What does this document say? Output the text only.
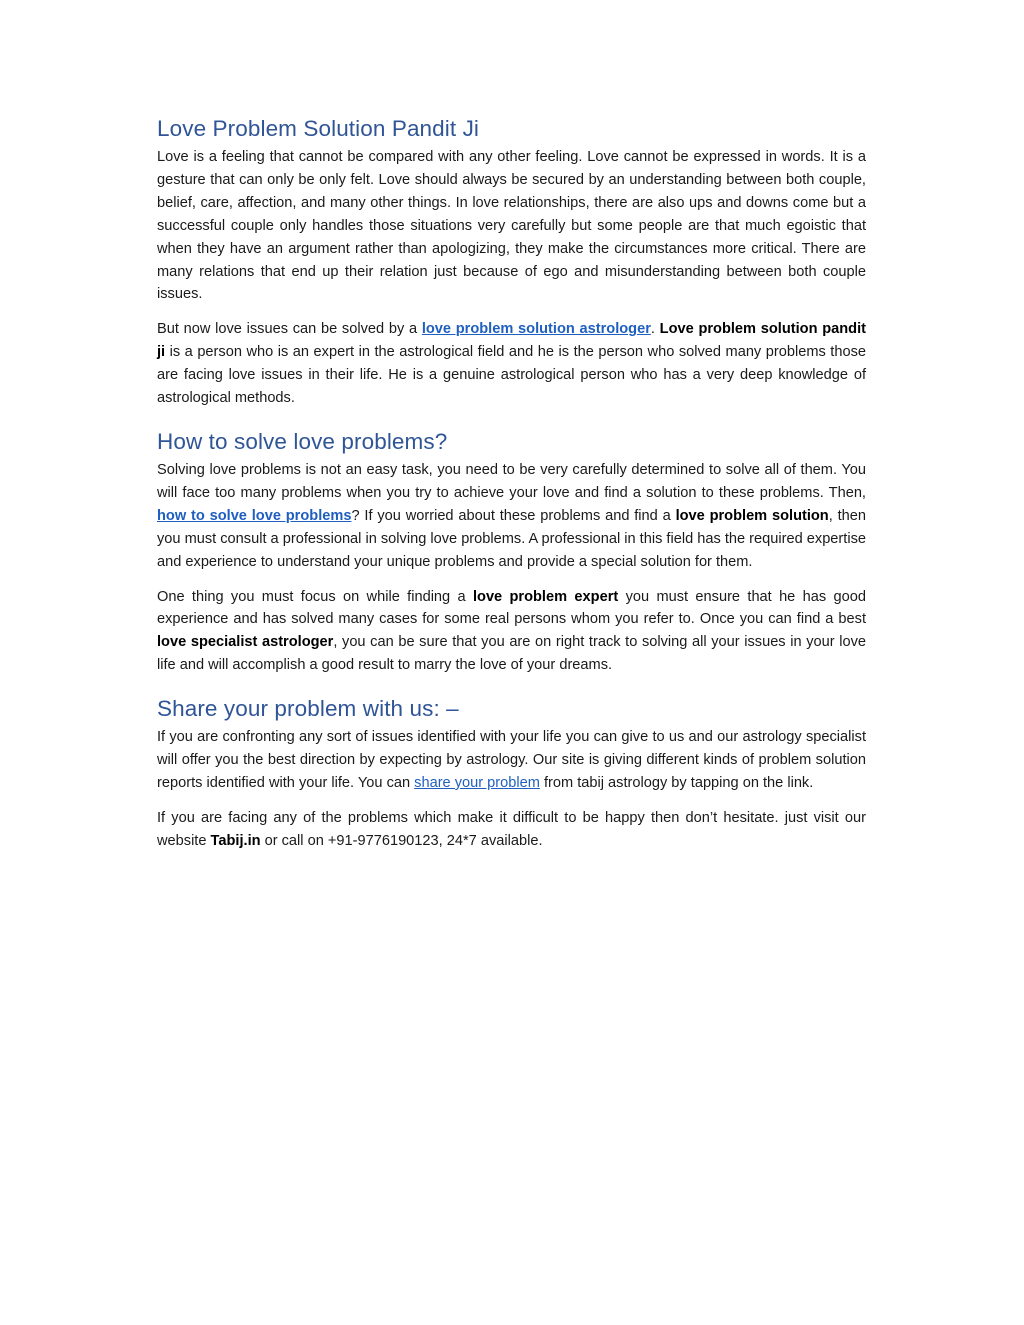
Love Problem Solution Pandit Ji

Love is a feeling that cannot be compared with any other feeling. Love cannot be expressed in words. It is a gesture that can only be only felt. Love should always be secured by an understanding between both couple, belief, care, affection, and many other things. In love relationships, there are also ups and downs come but a successful couple only handles those situations very carefully but some people are that much egoistic that when they have an argument rather than apologizing, they make the circumstances more critical. There are many relations that end up their relation just because of ego and misunderstanding between both couple issues.

But now love issues can be solved by a love problem solution astrologer. Love problem solution pandit ji is a person who is an expert in the astrological field and he is the person who solved many problems those are facing love issues in their life. He is a genuine astrological person who has a very deep knowledge of astrological methods.

How to solve love problems?

Solving love problems is not an easy task, you need to be very carefully determined to solve all of them. You will face too many problems when you try to achieve your love and find a solution to these problems. Then, how to solve love problems? If you worried about these problems and find a love problem solution, then you must consult a professional in solving love problems. A professional in this field has the required expertise and experience to understand your unique problems and provide a special solution for them.

One thing you must focus on while finding a love problem expert you must ensure that he has good experience and has solved many cases for some real persons whom you refer to. Once you can find a best love specialist astrologer, you can be sure that you are on right track to solving all your issues in your love life and will accomplish a good result to marry the love of your dreams.

Share your problem with us: –

If you are confronting any sort of issues identified with your life you can give to us and our astrology specialist will offer you the best direction by expecting by astrology. Our site is giving different kinds of problem solution reports identified with your life. You can share your problem from tabij astrology by tapping on the link.

If you are facing any of the problems which make it difficult to be happy then don’t hesitate. just visit our website Tabij.in or call on +91-9776190123, 24*7 available.
